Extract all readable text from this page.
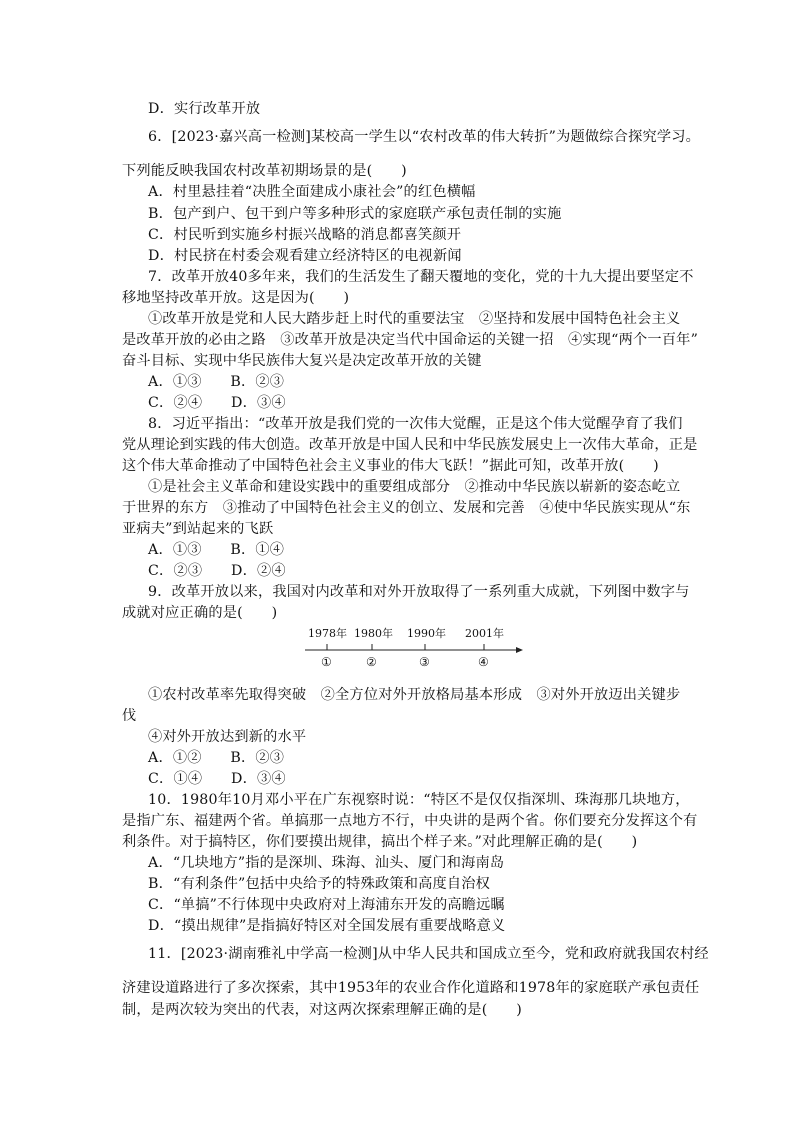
D．实行改革开放
6．[2023·嘉兴高一检测]某校高一学生以“农村改革的伟大转折”为题做综合探究学习。
下列能反映我国农村改革初期场景的是(　　)
A．村里悬挂着“决胜全面建成小康社会”的红色横幅
B．包产到户、包干到户等多种形式的家庭联产承包责任制的实施
C．村民听到实施乡村振兴战略的消息都喜笑颜开
D．村民挤在村委会观看建立经济特区的电视新闻
7．改革开放40多年来，我们的生活发生了翻天覆地的变化，党的十九大提出要坚定不
移地坚持改革开放。这是因为(　　)
①改革开放是党和人民大踏步赶上时代的重要法宝　②坚持和发展中国特色社会主义
是改革开放的必由之路　③改革开放是决定当代中国命运的关键一招　④实现“两个一百年”
奋斗目标、实现中华民族伟大复兴是决定改革开放的关键
A．①③　　B．②③
C．②④　　D．③④
8．习近平指出：“改革开放是我们党的一次伟大觉醒，正是这个伟大觉醒孕育了我们
党从理论到实践的伟大创造。改革开放是中国人民和中华民族发展史上一次伟大革命，正是
这个伟大革命推动了中国特色社会主义事业的伟大飞跃！”据此可知，改革开放(　　)
①是社会主义革命和建设实践中的重要组成部分　②推动中华民族以崭新的姿态屹立
于世界的东方　③推动了中国特色社会主义的创立、发展和完善　④使中华民族实现从“东
亚病夫”到站起来的飞跃
A．①③　　B．①④
C．②③　　D．②④
9．改革开放以来，我国对内改革和对外开放取得了一系列重大成就，下列图中数字与
成就对应正确的是(　　)
①农村改革率先取得突破　②全方位对外开放格局基本形成　③对外开放迈出关键步
伐
④对外开放达到新的水平
A．①②　　B．②③
C．①④　　D．③④
10．1980年10月邓小平在广东视察时说：“特区不是仅仅指深圳、珠海那几块地方，
是指广东、福建两个省。单搞那一点地方不行，中央讲的是两个省。你们要充分发挥这个有
利条件。对于搞特区，你们要摸出规律，搞出个样子来。”对此理解正确的是(　　)
A．“几块地方”指的是深圳、珠海、汕头、厦门和海南岛
B．“有利条件”包括中央给予的特殊政策和高度自治权
C．“单搞”不行体现中央政府对上海浦东开发的高瞻远瞩
D．“摸出规律”是指搞好特区对全国发展有重要战略意义
11．[2023·湖南雅礼中学高一检测]从中华人民共和国成立至今，党和政府就我国农村经
济建设道路进行了多次探索，其中1953年的农业合作化道路和1978年的家庭联产承包责任
制，是两次较为突出的代表，对这两次探索理解正确的是(　　)
1978年 1980年 1990年 2001年
①	②	③	④
